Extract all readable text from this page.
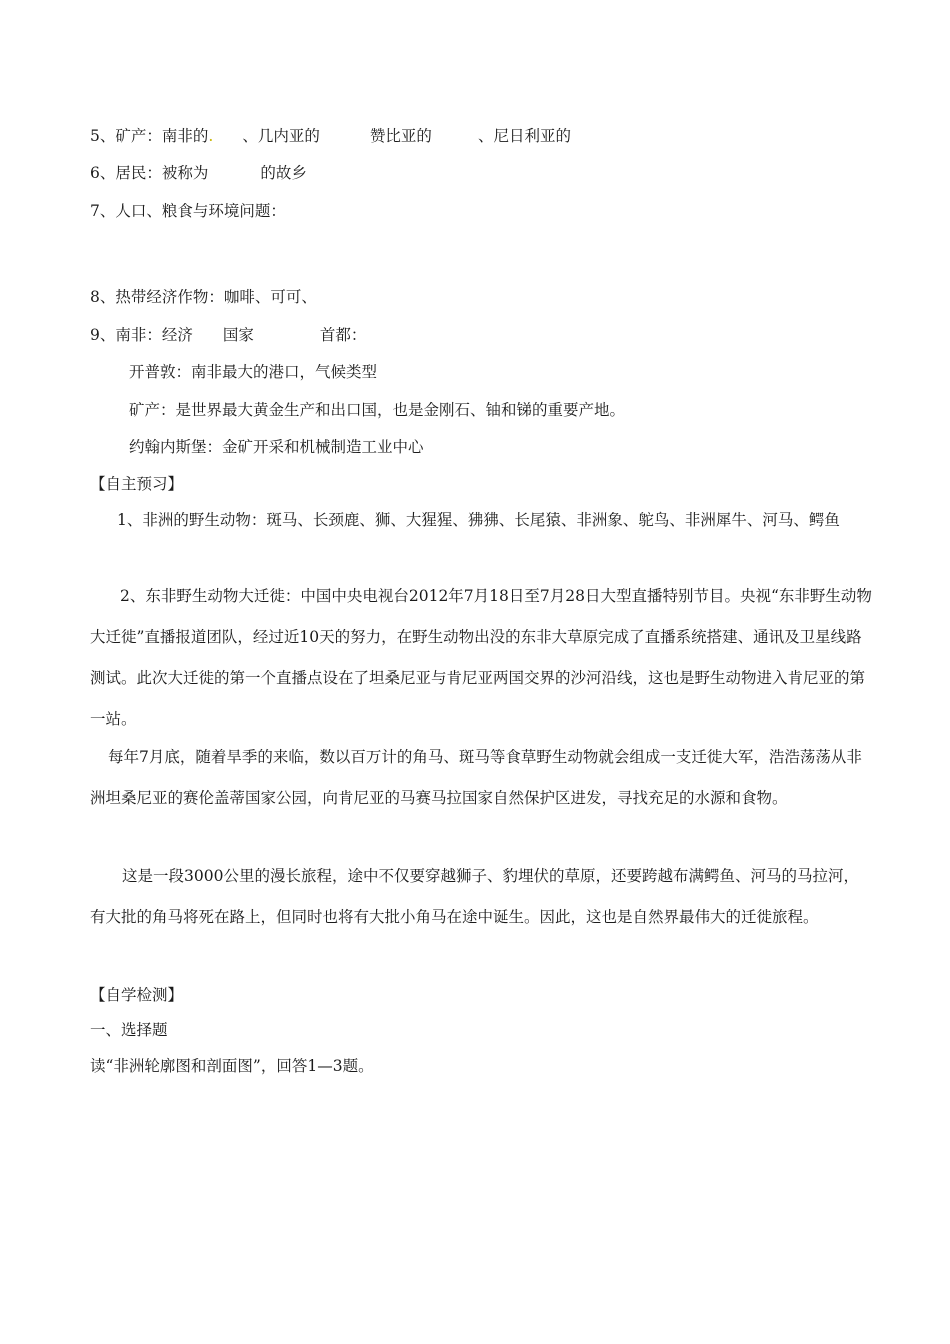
5、矿产：南非的. 、几内亚的	赞比亚的	、尼日利亚的
6、居民：被称为	的故乡
7、人口、粮食与环境问题：
8、热带经济作物：咖啡、可可、
9、南非：经济 国家	首都：
开普敦：南非最大的港口，气候类型
矿产：是世界最大黄金生产和出口国，也是金刚石、铀和锑的重要产地。
约翰内斯堡：金矿开采和机械制造工业中心
【自主预习】
1、非洲的野生动物：斑马、长颈鹿、狮、大猩猩、狒狒、长尾猿、非洲象、鸵鸟、非洲犀牛、河马、鳄鱼
2、东非野生动物大迁徙：中国中央电视台2012年7月18日至7月28日大型直播特别节目。央视“东非野生动物大迁徙”直播报道团队，经过近10天的努力，在野生动物出没的东非大草原完成了直播系统搭建、通讯及卫星线路测试。此次大迁徙的第一个直播点设在了坦桑尼亚与肯尼亚两国交界的沙河沿线，这也是野生动物进入肯尼亚的第一站。
每年7月底，随着旱季的来临，数以百万计的角马、斑马等食草野生动物就会组成一支迁徙大军，浩浩荡荡从非洲坦桑尼亚的赛伦盖蒂国家公园，向肯尼亚的马赛马拉国家自然保护区进发，寻找充足的水源和食物。
这是一段3000公里的漫长旅程，途中不仅要穿越狮子、豹埋伏的草原，还要跨越布满鳄鱼、河马的马拉河，有大批的角马将死在路上，但同时也将有大批小角马在途中诞生。因此，这也是自然界最伟大的迁徙旅程。
【自学检测】
一、选择题
读“非洲轮廓图和剖面图”，回答1—3题。
